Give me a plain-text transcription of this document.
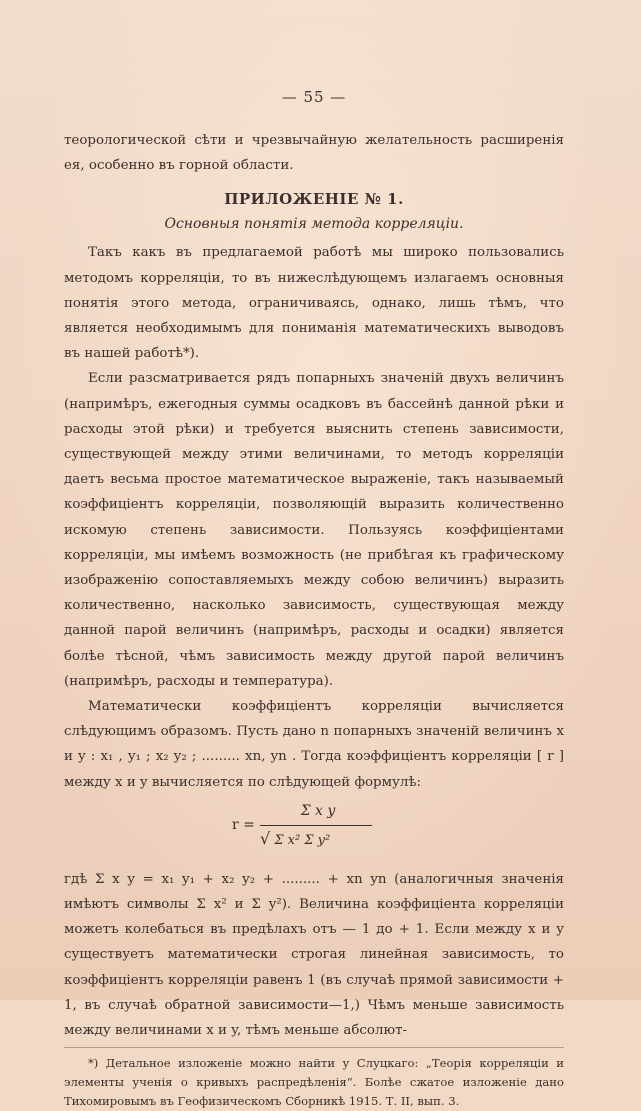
— 55 —

теорологической сѣти и чрезвычайную желательность расширенія ея, особенно въ горной области.

ПРИЛОЖЕНІЕ № 1.
Основныя понятія метода корреляціи.

Такъ какъ въ предлагаемой работѣ мы широко пользовались методомъ корреляціи, то въ нижеслѣдующемъ излагаемъ основныя понятія этого метода, ограничиваясь, однако, лишь тѣмъ, что является необходимымъ для пониманія математическихъ выводовъ въ нашей работѣ*).

Если разсматривается рядъ попарныхъ значеній двухъ величинъ (напримѣръ, ежегодныя суммы осадковъ въ бассейнѣ данной рѣки и расходы этой рѣки) и требуется выяснить степень зависимости, существующей между этими величинами, то методъ корреляціи даетъ весьма простое математическое выраженіе, такъ называемый коэффиціентъ корреляціи, позволяющій выразить количественно искомую степень зависимости. Пользуясь коэффиціентами корреляціи, мы имѣемъ возможность (не прибѣгая къ графическому изображенію сопоставляемыхъ между собою величинъ) выразить количественно, насколько зависимость, существующая между данной парой величинъ (напримѣръ, расходы и осадки) является болѣе тѣсной, чѣмъ зависимость между другой парой величинъ (напримѣръ, расходы и температура).

Математически коэффиціентъ корреляціи вычисляется слѣдующимъ образомъ. Пусть дано n попарныхъ значеній величинъ x и y : x₁ , y₁ ; x₂ y₂ ; ......... xn, yn . Тогда коэффиціентъ корреляціи [ r ] между x и y вычисляется по слѣдующей формулѣ:

r =
Σ x y
√ Σ x² Σ y²

гдѣ Σ x y = x₁ y₁ + x₂ y₂ + ......... + xn yn (аналогичныя значенія имѣютъ символы Σ x² и Σ y²). Величина коэффиціента корреляціи можетъ колебаться въ предѣлахъ отъ — 1 до + 1. Если между x и y существуетъ математически строгая линейная зависимость, то коэффиціентъ корреляціи равенъ 1 (въ случаѣ прямой зависимости + 1, въ случаѣ обратной зависимости—1,) Чѣмъ меньше зависимость между величинами x и y, тѣмъ меньше абсолют-

*) Детальное изложеніе можно найти у Слуцкаго: „Теорія корреляціи и элементы ученія о кривыхъ распредѣленія“. Болѣе сжатое изложеніе дано Тихомировымъ въ Геофизическомъ Сборникѣ 1915. Т. II, вып. 3.
